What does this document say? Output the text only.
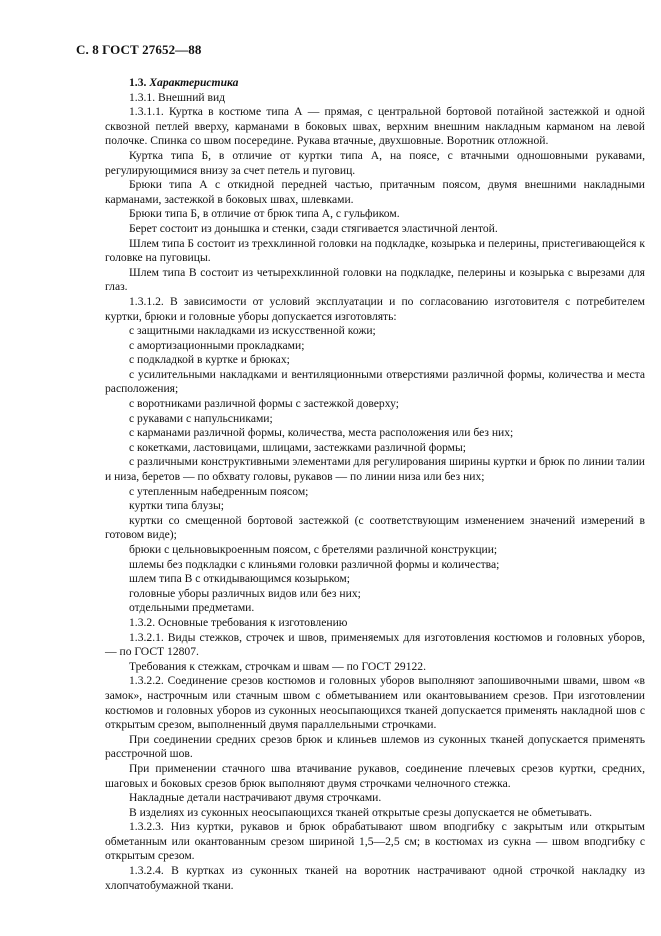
С. 8 ГОСТ 27652—88

1.3. Характеристика

1.3.1. Внешний вид

1.3.1.1. Куртка в костюме типа А — прямая, с центральной бортовой потайной застежкой и одной сквозной петлей вверху, карманами в боковых швах, верхним внешним накладным карманом на левой полочке. Спинка со швом посередине. Рукава втачные, двухшовные. Воротник отложной.

Куртка типа Б, в отличие от куртки типа А, на поясе, с втачными одношовными рукавами, регулирующимися внизу за счет петель и пуговиц.

Брюки типа А с откидной передней частью, притачным поясом, двумя внешними накладными карманами, застежкой в боковых швах, шлевками.

Брюки типа Б, в отличие от брюк типа А, с гульфиком.

Берет состоит из донышка и стенки, сзади стягивается эластичной лентой.

Шлем типа Б состоит из трехклинной головки на подкладке, козырька и пелерины, пристегивающейся к головке на пуговицы.

Шлем типа В состоит из четырехклинной головки на подкладке, пелерины и козырька с вырезами для глаз.

1.3.1.2. В зависимости от условий эксплуатации и по согласованию изготовителя с потребителем куртки, брюки и головные уборы допускается изготовлять:

с защитными накладками из искусственной кожи;

с амортизационными прокладками;

с подкладкой в куртке и брюках;

с усилительными накладками и вентиляционными отверстиями различной формы, количества и места расположения;

с воротниками различной формы с застежкой доверху;

с рукавами с напульсниками;

с карманами различной формы, количества, места расположения или без них;

с кокетками, ластовицами, шлицами, застежками различной формы;

с различными конструктивными элементами для регулирования ширины куртки и брюк по линии талии и низа, беретов — по обхвату головы, рукавов — по линии низа или без них;

с утепленным набедренным поясом;

куртки типа блузы;

куртки со смещенной бортовой застежкой (с соответствующим изменением значений измерений в готовом виде);

брюки с цельновыкроенным поясом, с бретелями различной конструкции;

шлемы без подкладки с клиньями головки различной формы и количества;

шлем типа В с откидывающимся козырьком;

головные уборы различных видов или без них;

отдельными предметами.

1.3.2. Основные требования к изготовлению

1.3.2.1. Виды стежков, строчек и швов, применяемых для изготовления костюмов и головных уборов, — по ГОСТ 12807.

Требования к стежкам, строчкам и швам — по ГОСТ 29122.

1.3.2.2. Соединение срезов костюмов и головных уборов выполняют запошивочными швами, швом «в замок», настрочным или стачным швом с обметыванием или окантовыванием срезов. При изготовлении костюмов и головных уборов из суконных неосыпающихся тканей допускается применять накладной шов с открытым срезом, выполненный двумя параллельными строчками.

При соединении средних срезов брюк и клиньев шлемов из суконных тканей допускается применять расстрочной шов.

При применении стачного шва втачивание рукавов, соединение плечевых срезов куртки, средних, шаговых и боковых срезов брюк выполняют двумя строчками челночного стежка.

Накладные детали настрачивают двумя строчками.

В изделиях из суконных неосыпающихся тканей открытые срезы допускается не обметывать.

1.3.2.3. Низ куртки, рукавов и брюк обрабатывают швом вподгибку с закрытым или открытым обметанным или окантованным срезом шириной 1,5—2,5 см; в костюмах из сукна — швом вподгибку с открытым срезом.

1.3.2.4. В куртках из суконных тканей на воротник настрачивают одной строчкой накладку из хлопчатобумажной ткани.
